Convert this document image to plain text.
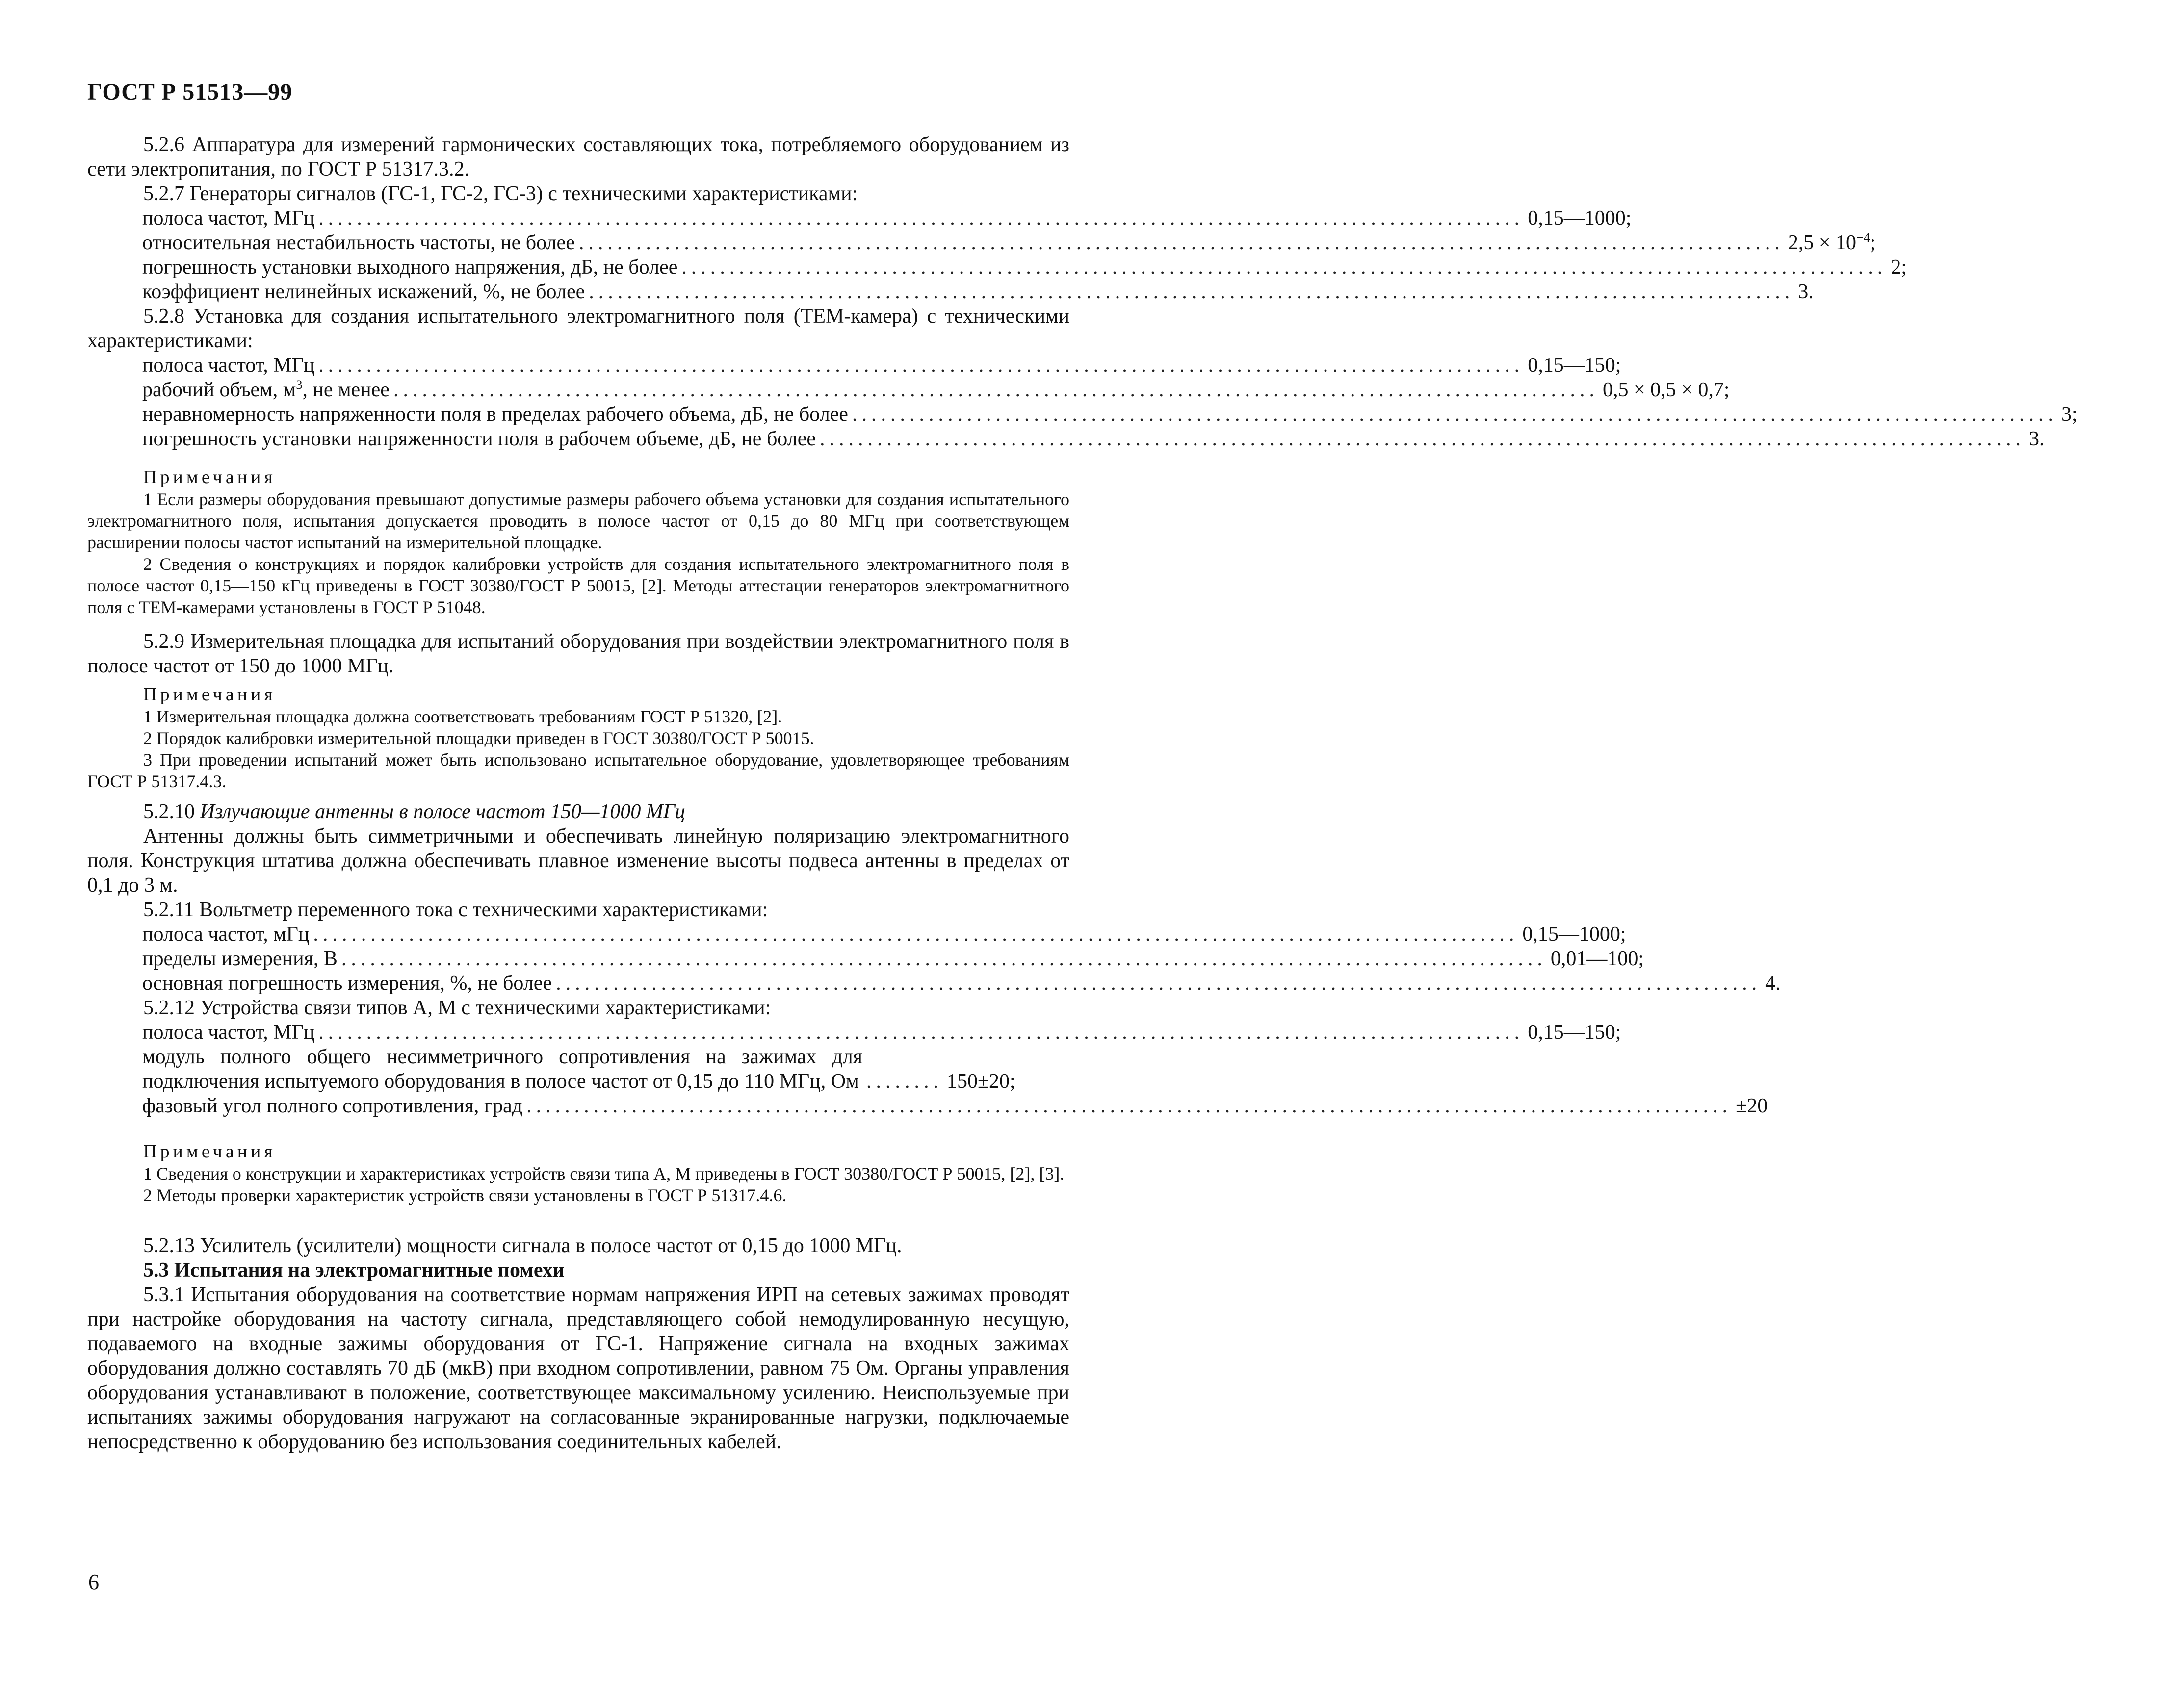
ГОСТ Р 51513—99

5.2.6 Аппаратура для измерений гармонических составляющих тока, потребляемого оборудованием из сети электропитания, по ГОСТ Р 51317.3.2.

5.2.7 Генераторы сигналов (ГС-1, ГС-2, ГС-3) с техническими характеристиками:

полоса частот, МГц .............................................................................................................................. 0,15—1000;
относительная нестабильность частоты, не более .............................................................................................................................. $2,5 \times 10^{-4}$;
погрешность установки выходного напряжения, дБ, не более .............................................................................................................................. 2;
коэффициент нелинейных искажений, %, не более .............................................................................................................................. 3.

5.2.8 Установка для создания испытательного электромагнитного поля (ТЕМ-камера) с техническими характеристиками:

полоса частот, МГц .............................................................................................................................. 0,15—150;
рабочий объем, $м^3$, не менее .............................................................................................................................. 0,5 × 0,5 × 0,7;
неравномерность напряженности поля в пределах рабочего объема, дБ, не более .............................................................................................................................. 3;
погрешность установки напряженности поля в рабочем объеме, дБ, не более .............................................................................................................................. 3.
Примечания

1 Если размеры оборудования превышают допустимые размеры рабочего объема установки для создания испытательного электромагнитного поля, испытания допускается проводить в полосе частот от 0,15 до 80 МГц при соответствующем расширении полосы частот испытаний на измерительной площадке.

2 Сведения о конструкциях и порядок калибровки устройств для создания испытательного электромагнитного поля в полосе частот 0,15—150 кГц приведены в ГОСТ 30380/ГОСТ Р 50015, [2]. Методы аттестации генераторов электромагнитного поля с ТЕМ-камерами установлены в ГОСТ Р 51048.

5.2.9 Измерительная площадка для испытаний оборудования при воздействии электромагнитного поля в полосе частот от 150 до 1000 МГц.

Примечания

1 Измерительная площадка должна соответствовать требованиям ГОСТ Р 51320, [2].

2 Порядок калибровки измерительной площадки приведен в ГОСТ 30380/ГОСТ Р 50015.

3 При проведении испытаний может быть использовано испытательное оборудование, удовлетворяющее требованиям ГОСТ Р 51317.4.3.

5.2.10 Излучающие антенны в полосе частот 150—1000 МГц

Антенны должны быть симметричными и обеспечивать линейную поляризацию электромагнитного поля. Конструкция штатива должна обеспечивать плавное изменение высоты подвеса антенны в пределах от 0,1 до 3 м.

5.2.11 Вольтметр переменного тока с техническими характеристиками:

полоса частот, мГц .............................................................................................................................. 0,15—1000;
пределы измерения, В .............................................................................................................................. 0,01—100;
основная погрешность измерения, %, не более .............................................................................................................................. 4.

5.2.12 Устройства связи типов А, М с техническими характеристиками:

полоса частот, МГц .............................................................................................................................. 0,15—150;
модуль полного общего несимметричного сопротивления на зажимах для подключения испытуемого оборудования в полосе частот от 0,15 до 110 МГц, Ом ........ 150±20;
фазовый угол полного сопротивления, град .............................................................................................................................. ±20
Примечания

1 Сведения о конструкции и характеристиках устройств связи типа А, М приведены в ГОСТ 30380/ГОСТ Р 50015, [2], [3].

2 Методы проверки характеристик устройств связи установлены в ГОСТ Р 51317.4.6.

5.2.13 Усилитель (усилители) мощности сигнала в полосе частот от 0,15 до 1000 МГц.

5.3 Испытания на электромагнитные помехи

5.3.1 Испытания оборудования на соответствие нормам напряжения ИРП на сетевых зажимах проводят при настройке оборудования на частоту сигнала, представляющего собой немодулированную несущую, подаваемого на входные зажимы оборудования от ГС-1. Напряжение сигнала на входных зажимах оборудования должно составлять 70 дБ (мкВ) при входном сопротивлении, равном 75 Ом. Органы управления оборудования устанавливают в положение, соответствующее максимальному усилению. Неиспользуемые при испытаниях зажимы оборудования нагружают на согласованные экранированные нагрузки, подключаемые непосредственно к оборудованию без использования соединительных кабелей.

6
